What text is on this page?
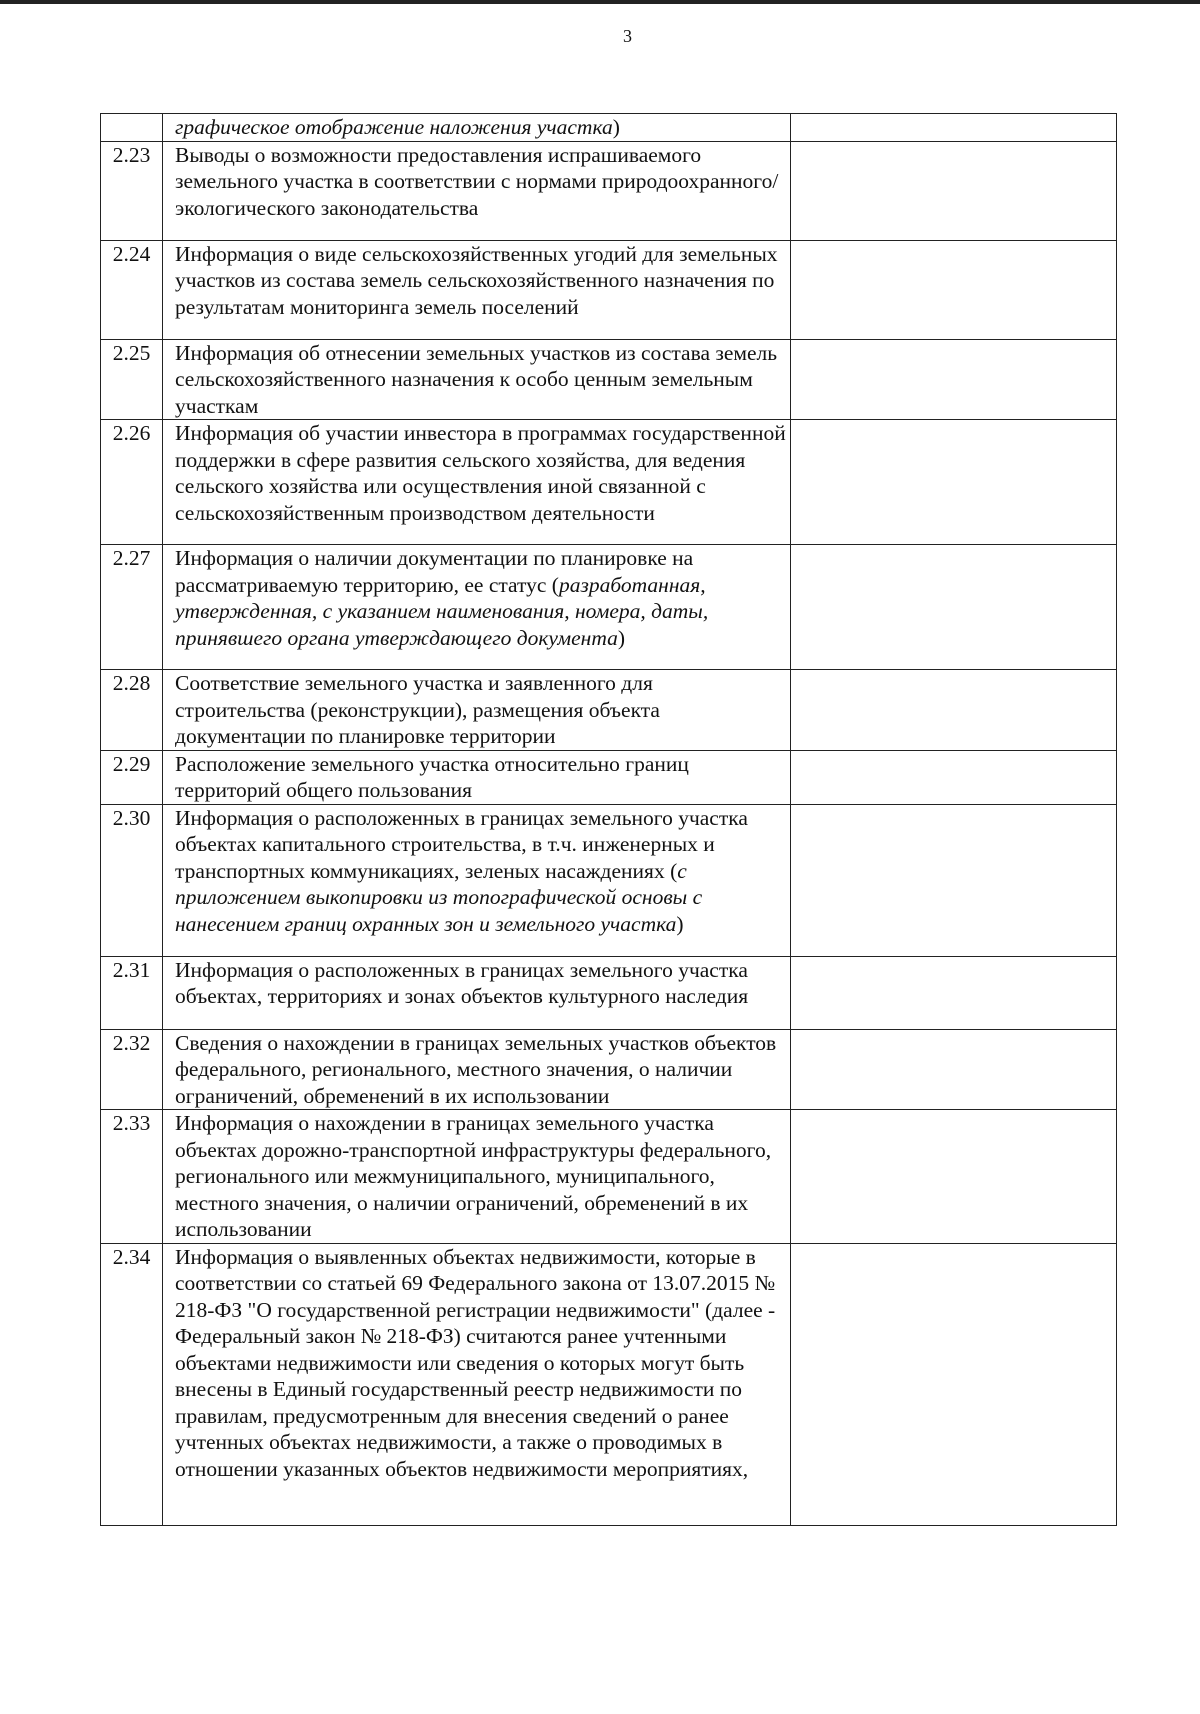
3
	графическое отображение наложения участка)	
2.23	Выводы о возможности предоставления испрашиваемого земельного участка в соответствии с нормами природоохранного/экологического законодательства	
2.24	Информация о виде сельскохозяйственных угодий для земельных участков из состава земель сельскохозяйственного назначения по результатам мониторинга земель поселений	
2.25	Информация об отнесении земельных участков из состава земель сельскохозяйственного назначения к особо ценным земельным участкам	
2.26	Информация об участии инвестора в программах государственной поддержки в сфере развития сельского хозяйства, для ведения сельского хозяйства или осуществления иной связанной с сельскохозяйственным производством деятельности	
2.27	Информация о наличии документации по планировке на рассматриваемую территорию, ее статус (разработанная, утвержденная, с указанием наименования, номера, даты, принявшего органа утверждающего документа)	
2.28	Соответствие земельного участка и заявленного для строительства (реконструкции), размещения объекта документации по планировке территории	
2.29	Расположение земельного участка относительно границ территорий общего пользования	
2.30	Информация о расположенных в границах земельного участка объектах капитального строительства, в т.ч. инженерных и транспортных коммуникациях, зеленых насаждениях (с приложением выкопировки из топографической основы с нанесением границ охранных зон и земельного участка)	
2.31	Информация о расположенных в границах земельного участка объектах, территориях и зонах объектов культурного наследия	
2.32	Сведения о нахождении в границах земельных участков объектов федерального, регионального, местного значения, о наличии ограничений, обременений в их использовании	
2.33	Информация о нахождении в границах земельного участка объектах дорожно-транспортной инфраструктуры федерального, регионального или межмуниципального, муниципального, местного значения, о наличии ограничений, обременений в их использовании	
2.34	Информация о выявленных объектах недвижимости, которые в соответствии со статьей 69 Федерального закона от 13.07.2015 № 218-ФЗ "О государственной регистрации недвижимости" (далее - Федеральный закон № 218-ФЗ) считаются ранее учтенными объектами недвижимости или сведения о которых могут быть внесены в Единый государственный реестр недвижимости по правилам, предусмотренным для внесения сведений о ранее учтенных объектах недвижимости, а также о проводимых в отношении указанных объектов недвижимости мероприятиях,	
